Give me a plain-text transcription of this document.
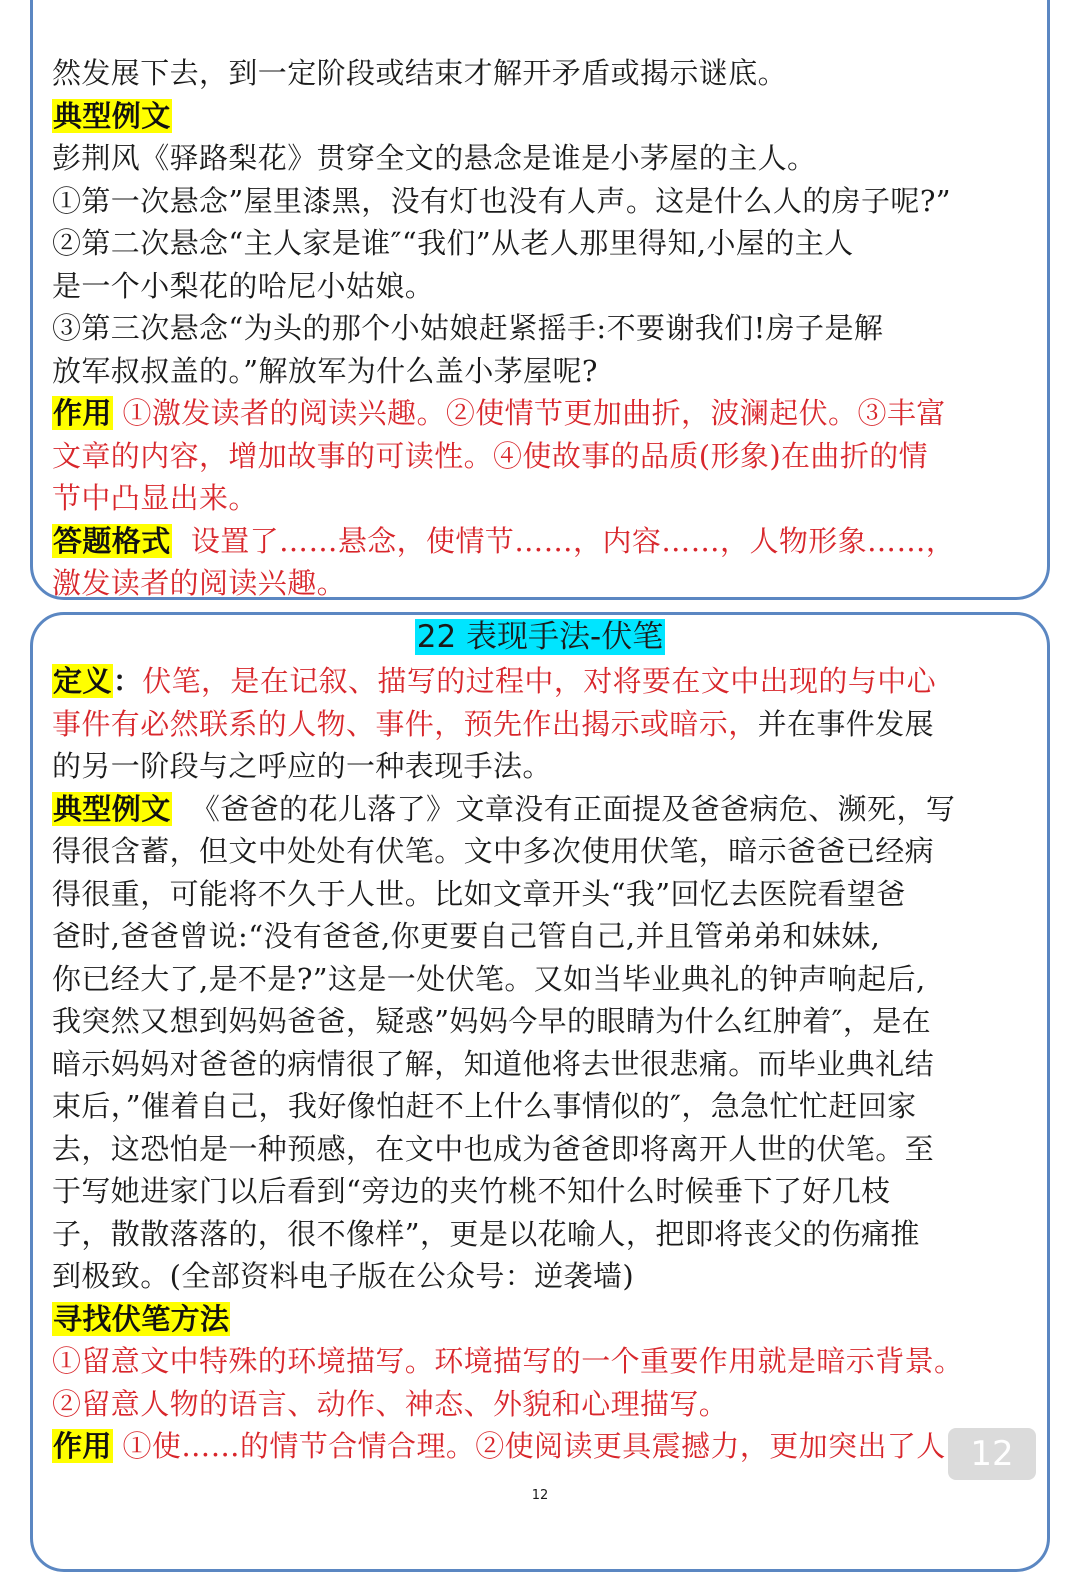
然发展下去，到一定阶段或结束才解开矛盾或揭示谜底。
典型例文
彭荆风《驿路梨花》贯穿全文的悬念是谁是小茅屋的主人。
①第一次悬念”屋里漆黑，没有灯也没有人声。这是什么人的房子呢?”
②第二次悬念“主人家是谁″“我们”从老人那里得知,小屋的主人
是一个小梨花的哈尼小姑娘。
③第三次悬念“为头的那个小姑娘赶紧摇手:不要谢我们!房子是解
放军叔叔盖的。”解放军为什么盖小茅屋呢?
作用 ①激发读者的阅读兴趣。②使情节更加曲折，波澜起伏。③丰富
文章的内容，增加故事的可读性。④使故事的品质(形象)在曲折的情
节中凸显出来。
答题格式 设置了……悬念，使情节……，内容……，人物形象……，
激发读者的阅读兴趣。
22 表现手法-伏笔
定义：伏笔，是在记叙、描写的过程中，对将要在文中出现的与中心
事件有必然联系的人物、事件，预先作出揭示或暗示，并在事件发展
的另一阶段与之呼应的一种表现手法。
典型例文 《爸爸的花儿落了》文章没有正面提及爸爸病危、濒死，写
得很含蓄，但文中处处有伏笔。文中多次使用伏笔，暗示爸爸已经病
得很重，可能将不久于人世。比如文章开头“我”回忆去医院看望爸
爸时,爸爸曾说:“没有爸爸,你更要自己管自己,并且管弟弟和妹妹,
你已经大了,是不是?”这是一处伏笔。又如当毕业典礼的钟声响起后,
我突然又想到妈妈爸爸，疑惑”妈妈今早的眼睛为什么红肿着″，是在
暗示妈妈对爸爸的病情很了解，知道他将去世很悲痛。而毕业典礼结
束后，”催着自己，我好像怕赶不上什么事情似的″，急急忙忙赶回家
去，这恐怕是一种预感，在文中也成为爸爸即将离开人世的伏笔。至
于写她进家门以后看到“旁边的夹竹桃不知什么时候垂下了好几枝
子，散散落落的，很不像样”，更是以花喻人，把即将丧父的伤痛推
到极致。(全部资料电子版在公众号：逆袭墙)
寻找伏笔方法
①留意文中特殊的环境描写。环境描写的一个重要作用就是暗示背景。
②留意人物的语言、动作、神态、外貌和心理描写。
作用 ①使……的情节合情合理。②使阅读更具震撼力，更加突出了人 12
12
